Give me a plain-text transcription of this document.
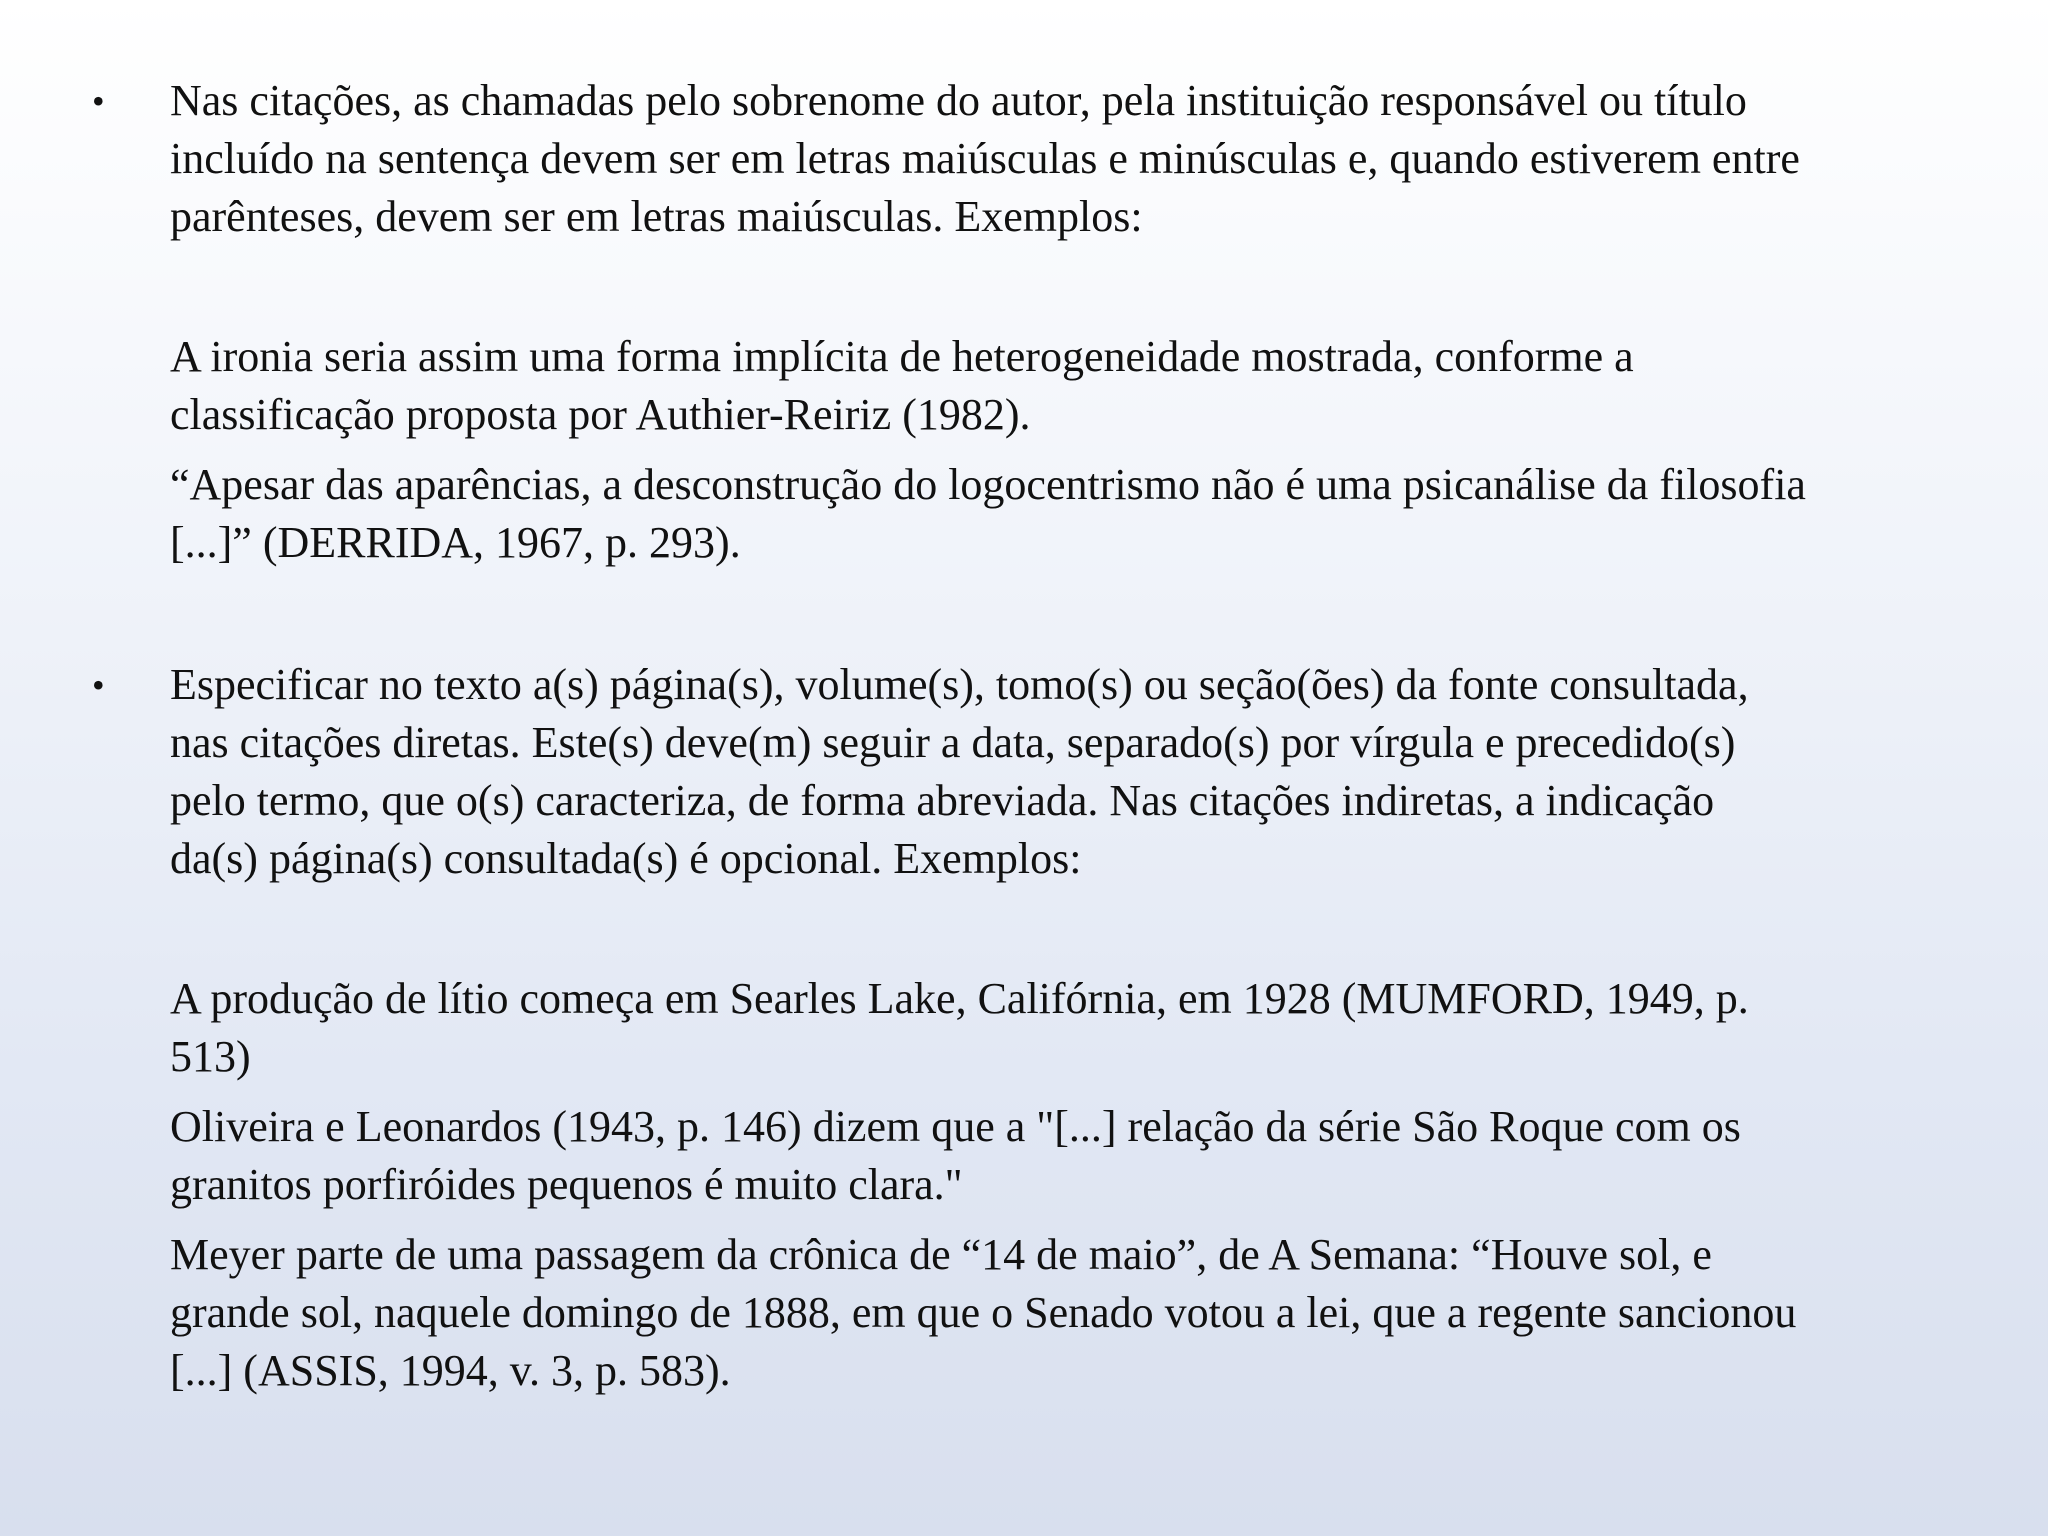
• Nas citações, as chamadas pelo sobrenome do autor, pela instituição responsável ou título
incluído na sentença devem ser em letras maiúsculas e minúsculas e, quando estiverem entre
parênteses, devem ser em letras maiúsculas. Exemplos:

A ironia seria assim uma forma implícita de heterogeneidade mostrada, conforme a
classificação proposta por Authier-Reiriz (1982).

“Apesar das aparências, a desconstrução do logocentrismo não é uma psicanálise da filosofia
[...]” (DERRIDA, 1967, p. 293).

• Especificar no texto a(s) página(s), volume(s), tomo(s) ou seção(ões) da fonte consultada,
nas citações diretas. Este(s) deve(m) seguir a data, separado(s) por vírgula e precedido(s)
pelo termo, que o(s) caracteriza, de forma abreviada. Nas citações indiretas, a indicação
da(s) página(s) consultada(s) é opcional. Exemplos:

A produção de lítio começa em Searles Lake, Califórnia, em 1928 (MUMFORD, 1949, p.
513)

Oliveira e Leonardos (1943, p. 146) dizem que a "[...] relação da série São Roque com os
granitos porfiróides pequenos é muito clara."

Meyer parte de uma passagem da crônica de “14 de maio”, de A Semana: “Houve sol, e
grande sol, naquele domingo de 1888, em que o Senado votou a lei, que a regente sancionou
[...] (ASSIS, 1994, v. 3, p. 583).
